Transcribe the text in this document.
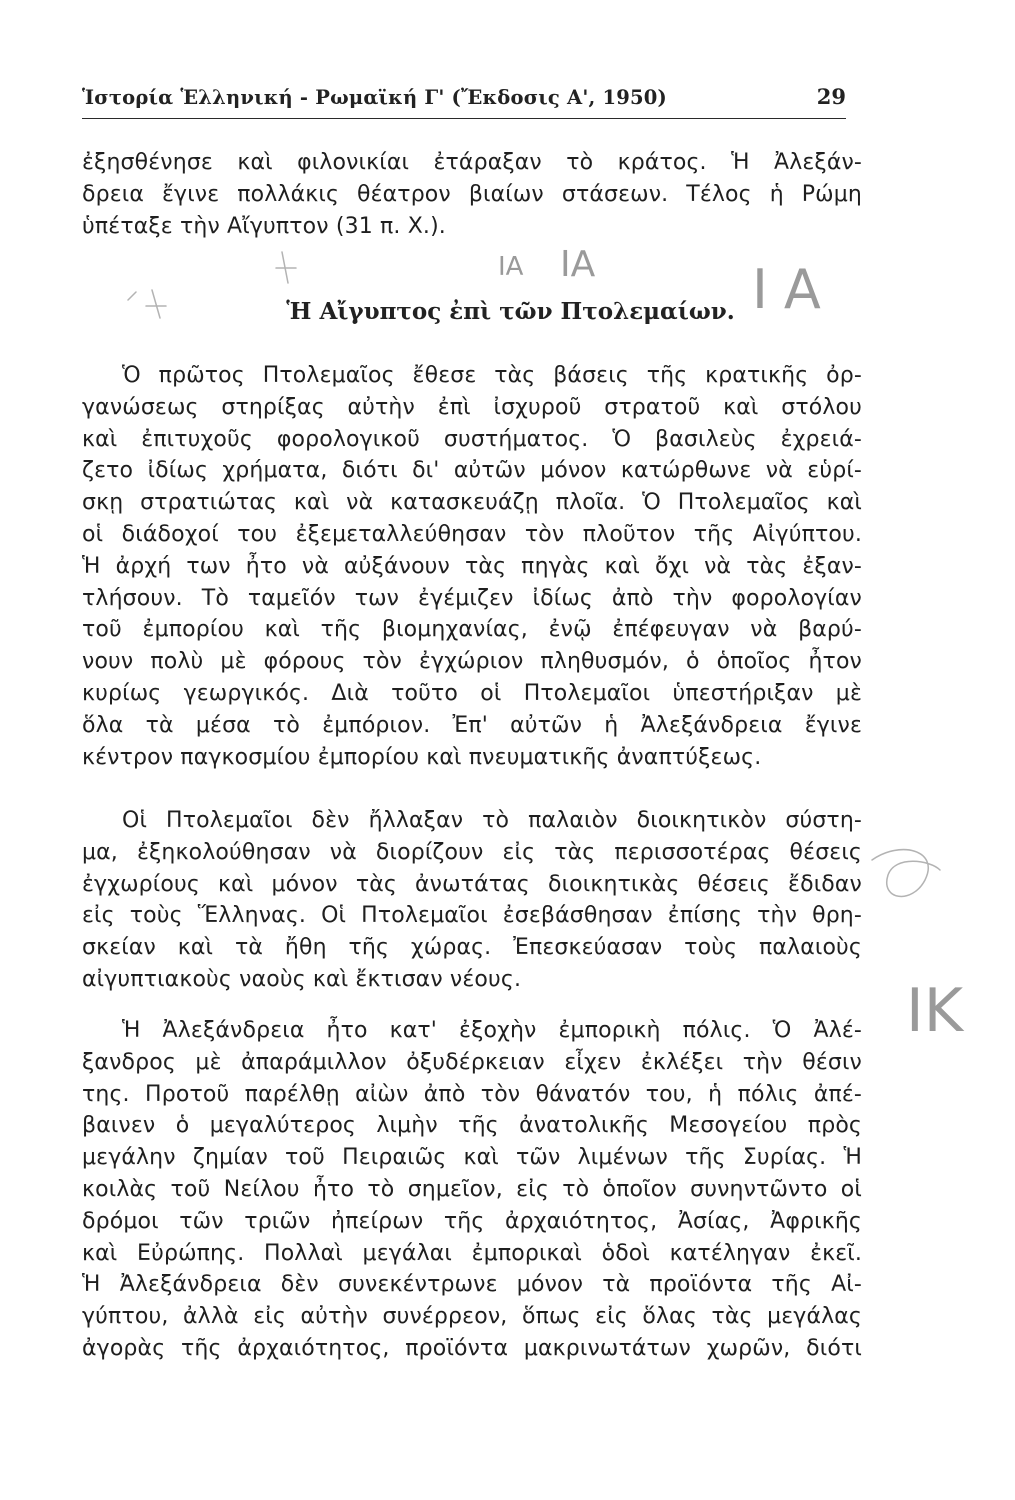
Ἱστορία Ἑλληνική - Ρωμαϊκή Γ' (Ἔκδοσις Α', 1950)	29
ἐξησθένησε καὶ φιλονικίαι ἐτάραξαν τὸ κράτος. Ἡ Ἀλεξάν-
δρεια ἔγινε πολλάκις θέατρον βιαίων στάσεων. Τέλος ἡ Ρώμη
ὑπέταξε τὴν Αἴγυπτον (31 π. Χ.).
Ἡ Αἴγυπτος ἐπὶ τῶν Πτολεμαίων.
Ὁ πρῶτος Πτολεμαῖος ἔθεσε τὰς βάσεις τῆς κρατικῆς ὀρ-
γανώσεως στηρίξας αὐτὴν ἐπὶ ἰσχυροῦ στρατοῦ καὶ στόλου
καὶ ἐπιτυχοῦς φορολογικοῦ συστήματος. Ὁ βασιλεὺς ἐχρειά-
ζετο ἰδίως χρήματα, διότι δι' αὐτῶν μόνον κατώρθωνε νὰ εὑρί-
σκῃ στρατιώτας καὶ νὰ κατασκευάζῃ πλοῖα. Ὁ Πτολεμαῖος καὶ
οἱ διάδοχοί του ἐξεμεταλλεύθησαν τὸν πλοῦτον τῆς Αἰγύπτου.
Ἡ ἀρχή των ἦτο νὰ αὐξάνουν τὰς πηγὰς καὶ ὄχι νὰ τὰς ἐξαν-
τλήσουν. Τὸ ταμεῖόν των ἐγέμιζεν ἰδίως ἀπὸ τὴν φορολογίαν
τοῦ ἐμπορίου καὶ τῆς βιομηχανίας, ἐνῷ ἐπέφευγαν νὰ βαρύ-
νουν πολὺ μὲ φόρους τὸν ἐγχώριον πληθυσμόν, ὁ ὁποῖος ἦτον
κυρίως γεωργικός. Διὰ τοῦτο οἱ Πτολεμαῖοι ὑπεστήριξαν μὲ
ὅλα τὰ μέσα τὸ ἐμπόριον. Ἐπ' αὐτῶν ἡ Ἀλεξάνδρεια ἔγινε
κέντρον παγκοσμίου ἐμπορίου καὶ πνευματικῆς ἀναπτύξεως.
Οἱ Πτολεμαῖοι δὲν ἤλλαξαν τὸ παλαιὸν διοικητικὸν σύστη-
μα, ἐξηκολούθησαν νὰ διορίζουν εἰς τὰς περισσοτέρας θέσεις
ἐγχωρίους καὶ μόνον τὰς ἀνωτάτας διοικητικὰς θέσεις ἔδιδαν
εἰς τοὺς Ἕλληνας. Οἱ Πτολεμαῖοι ἐσεβάσθησαν ἐπίσης τὴν θρη-
σκείαν καὶ τὰ ἤθη τῆς χώρας. Ἐπεσκεύασαν τοὺς παλαιοὺς
αἰγυπτιακοὺς ναοὺς καὶ ἔκτισαν νέους.
Ἡ Ἀλεξάνδρεια ἦτο κατ' ἐξοχὴν ἐμπορικὴ πόλις. Ὁ Ἀλέ-
ξανδρος μὲ ἀπαράμιλλον ὀξυδέρκειαν εἶχεν ἐκλέξει τὴν θέσιν
της. Προτοῦ παρέλθῃ αἰὼν ἀπὸ τὸν θάνατόν του, ἡ πόλις ἀπέ-
βαινεν ὁ μεγαλύτερος λιμὴν τῆς ἀνατολικῆς Μεσογείου πρὸς
μεγάλην ζημίαν τοῦ Πειραιῶς καὶ τῶν λιμένων τῆς Συρίας. Ἡ
κοιλὰς τοῦ Νείλου ἦτο τὸ σημεῖον, εἰς τὸ ὁποῖον συνηντῶντο οἱ
δρόμοι τῶν τριῶν ἠπείρων τῆς ἀρχαιότητος, Ἀσίας, Ἀφρικῆς
καὶ Εὐρώπης. Πολλαὶ μεγάλαι ἐμπορικαὶ ὁδοὶ κατέληγαν ἐκεῖ.
Ἡ Ἀλεξάνδρεια δὲν συνεκέντρωνε μόνον τὰ προϊόντα τῆς Αἰ-
γύπτου, ἀλλὰ εἰς αὐτὴν συνέρρεον, ὅπως εἰς ὅλας τὰς μεγάλας
ἀγορὰς τῆς ἀρχαιότητος, προϊόντα μακρινωτάτων χωρῶν, διότι
ΙΑ ΙΑ	ΙΑ
ΙΚ
